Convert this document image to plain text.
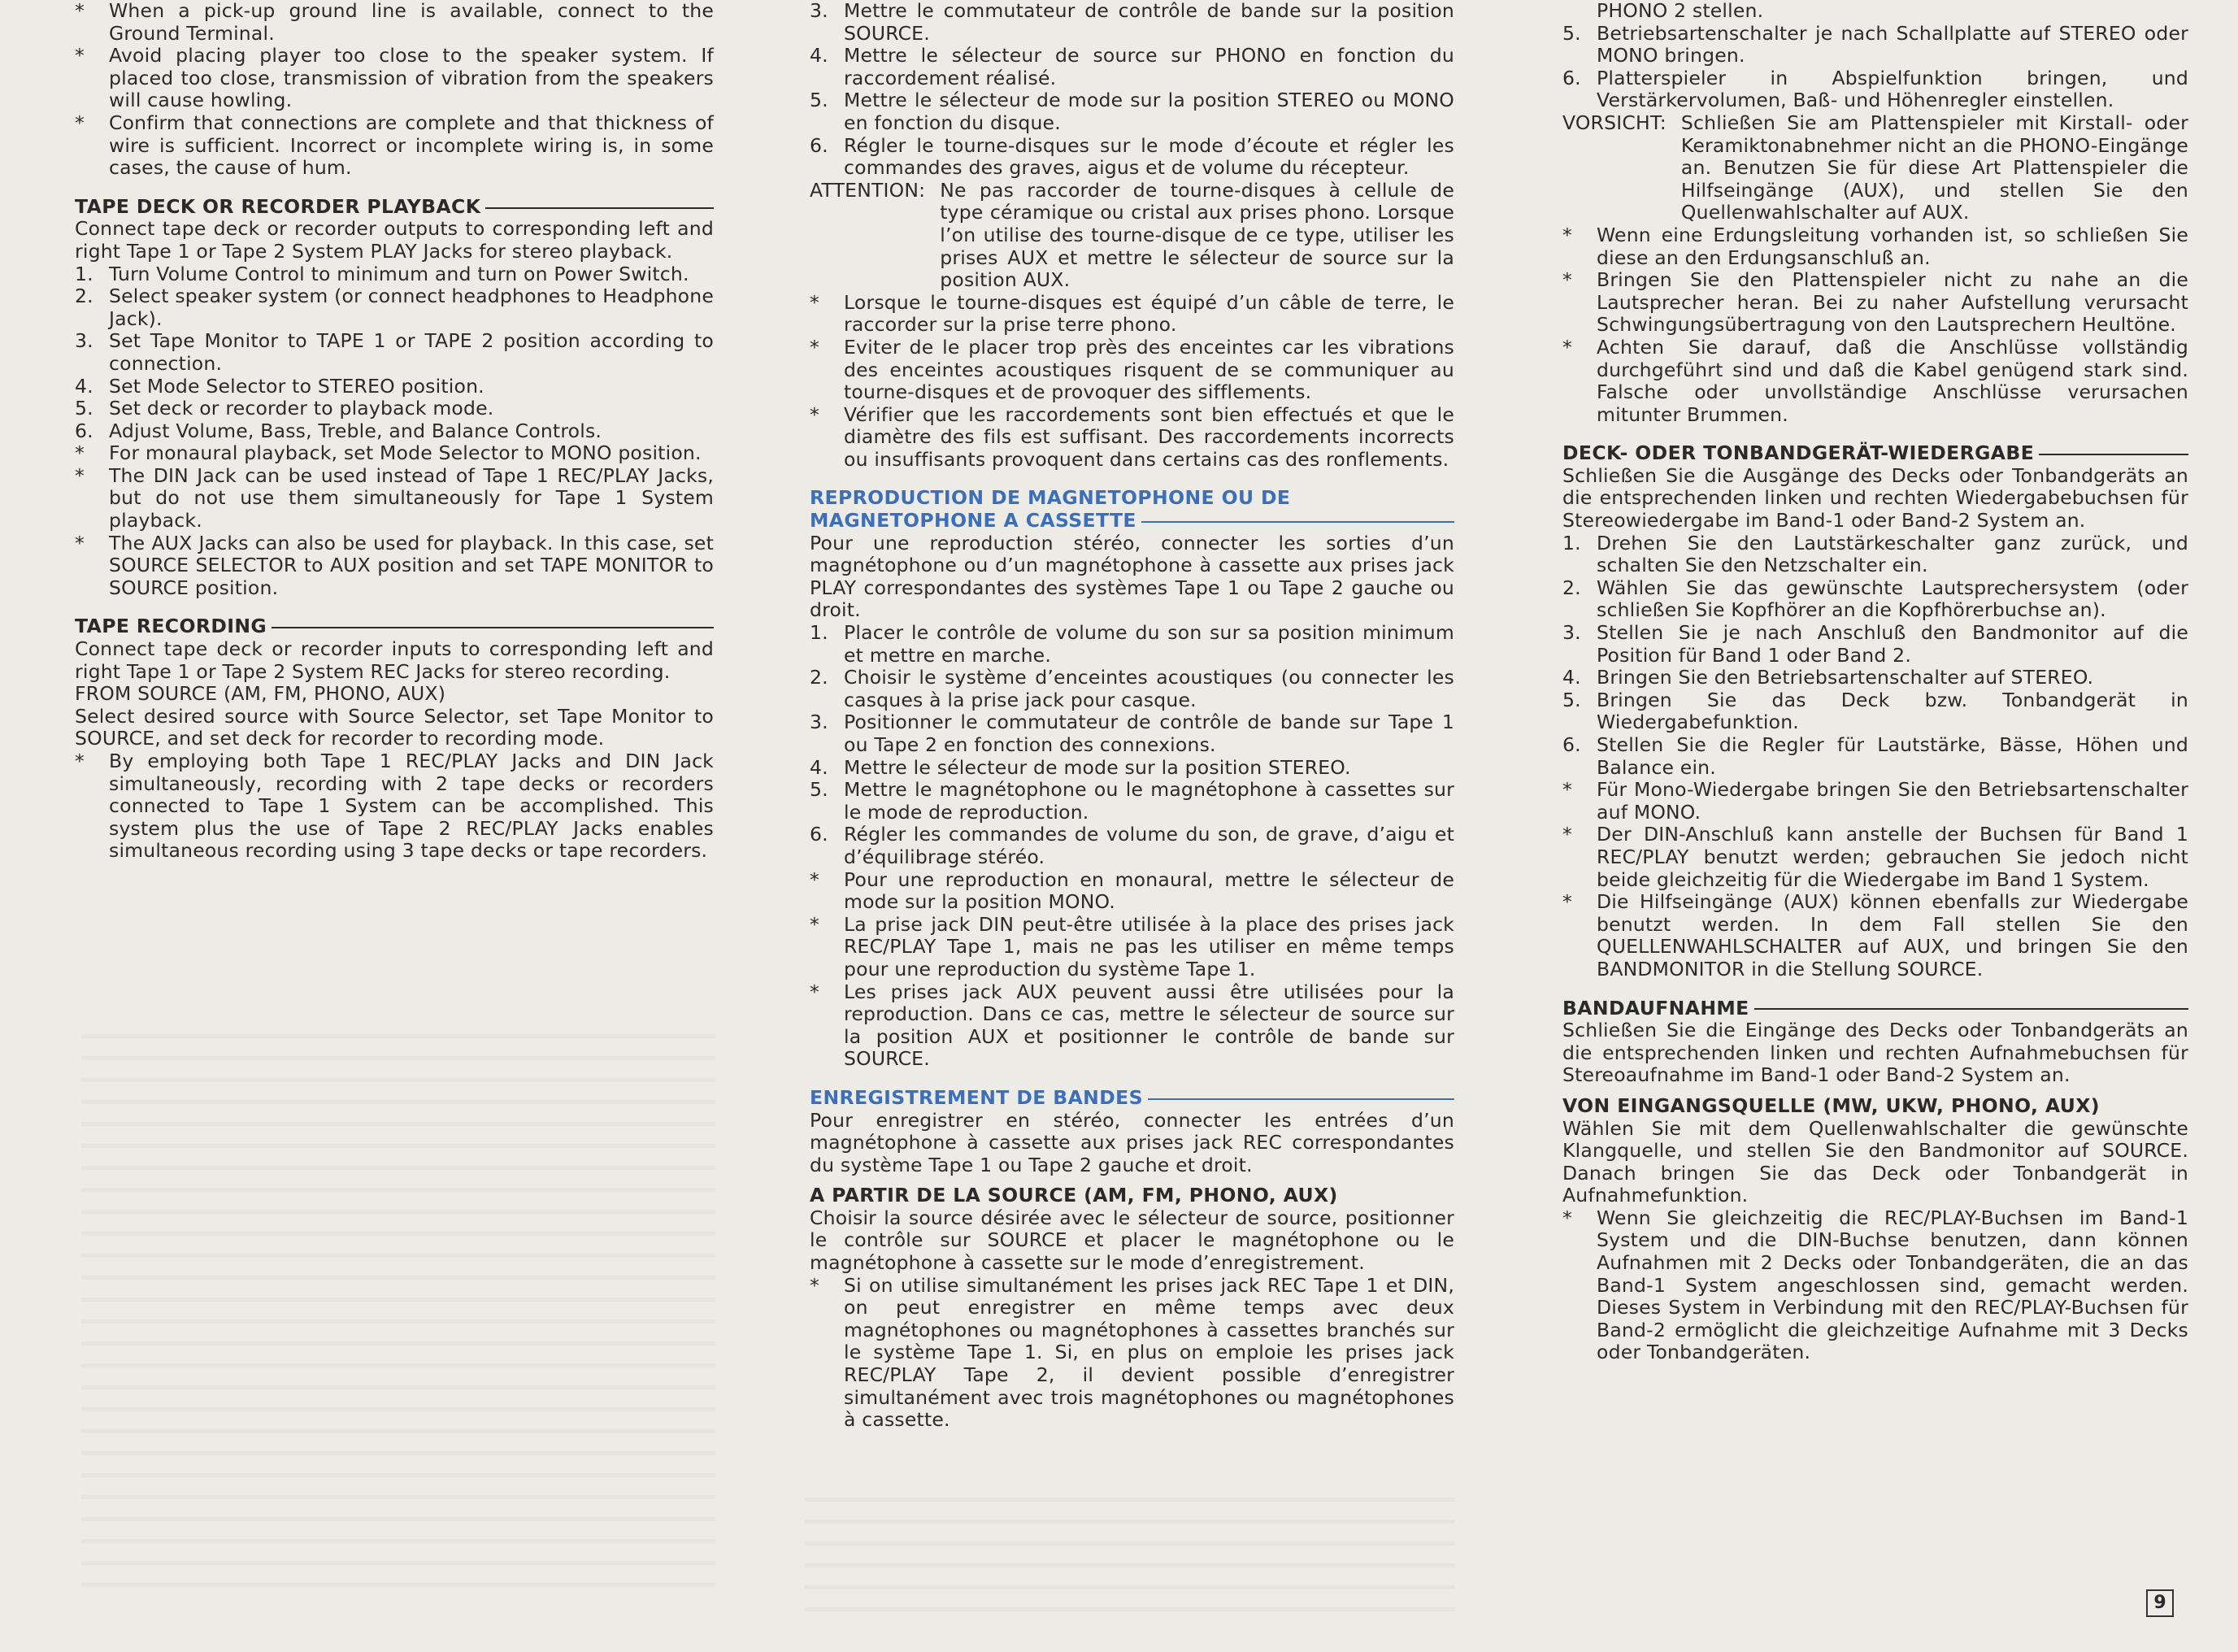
*	When a pick-up ground line is available, connect to the Ground Terminal.
*	Avoid placing player too close to the speaker system. If placed too close, transmission of vibration from the speakers will cause howling.
*	Confirm that connections are complete and that thickness of wire is sufficient. Incorrect or incomplete wiring is, in some cases, the cause of hum.
TAPE DECK OR RECORDER PLAYBACK

Connect tape deck or recorder outputs to corresponding left and right Tape 1 or Tape 2 System PLAY Jacks for stereo playback.

1. Turn Volume Control to minimum and turn on Power Switch.
2. Select speaker system (or connect headphones to Headphone Jack).
3. Set Tape Monitor to TAPE 1 or TAPE 2 position according to connection.
4. Set Mode Selector to STEREO position.
5. Set deck or recorder to playback mode.
6. Adjust Volume, Bass, Treble, and Balance Controls.
*	For monaural playback, set Mode Selector to MONO position.
*	The DIN Jack can be used instead of Tape 1 REC/PLAY Jacks, but do not use them simultaneously for Tape 1 System playback.
*	The AUX Jacks can also be used for playback. In this case, set SOURCE SELECTOR to AUX position and set TAPE MONITOR to SOURCE position.
TAPE RECORDING

Connect tape deck or recorder inputs to corresponding left and right Tape 1 or Tape 2 System REC Jacks for stereo recording.

FROM SOURCE (AM, FM, PHONO, AUX)

Select desired source with Source Selector, set Tape Monitor to SOURCE, and set deck for recorder to recording mode.

*	By employing both Tape 1 REC/PLAY Jacks and DIN Jack simultaneously, recording with 2 tape decks or recorders connected to Tape 1 System can be accomplished. This system plus the use of Tape 2 REC/PLAY Jacks enables simultaneous recording using 3 tape decks or tape recorders.
3. Mettre le commutateur de contrôle de bande sur la position SOURCE.
4. Mettre le sélecteur de source sur PHONO en fonction du raccordement réalisé.
5. Mettre le sélecteur de mode sur la position STEREO ou MONO en fonction du disque.
6. Régler le tourne-disques sur le mode d’écoute et régler les commandes des graves, aigus et de volume du récepteur.
ATTENTION: Ne pas raccorder de tourne-disques à cellule de type céramique ou cristal aux prises phono. Lorsque l’on utilise des tourne-disque de ce type, utiliser les prises AUX et mettre le sélecteur de source sur la position AUX.
*	Lorsque le tourne-disques est équipé d’un câble de terre, le raccorder sur la prise terre phono.
*	Eviter de le placer trop près des enceintes car les vibrations des enceintes acoustiques risquent de se communiquer au tourne-disques et de provoquer des sifflements.
*	Vérifier que les raccordements sont bien effectués et que le diamètre des fils est suffisant. Des raccordements incorrects ou insuffisants provoquent dans certains cas des ronflements.

REPRODUCTION DE MAGNETOPHONE OU DE

MAGNETOPHONE A CASSETTE

Pour une reproduction stéréo, connecter les sorties d’un magnétophone ou d’un magnétophone à cassette aux prises jack PLAY correspondantes des systèmes Tape 1 ou Tape 2 gauche ou droit.

1. Placer le contrôle de volume du son sur sa position minimum et mettre en marche.
2. Choisir le système d’enceintes acoustiques (ou connecter les casques à la prise jack pour casque.
3. Positionner le commutateur de contrôle de bande sur Tape 1 ou Tape 2 en fonction des connexions.
4. Mettre le sélecteur de mode sur la position STEREO.
5. Mettre le magnétophone ou le magnétophone à cassettes sur le mode de reproduction.
6. Régler les commandes de volume du son, de grave, d’aigu et d’équilibrage stéréo.
*	Pour une reproduction en monaural, mettre le sélecteur de mode sur la position MONO.
*	La prise jack DIN peut-être utilisée à la place des prises jack REC/PLAY Tape 1, mais ne pas les utiliser en même temps pour une reproduction du système Tape 1.
*	Les prises jack AUX peuvent aussi être utilisées pour la reproduction. Dans ce cas, mettre le sélecteur de source sur la position AUX et positionner le contrôle de bande sur SOURCE.
ENREGISTREMENT DE BANDES

Pour enregistrer en stéréo, connecter les entrées d’un magnétophone à cassette aux prises jack REC correspondantes du système Tape 1 ou Tape 2 gauche et droit.

A PARTIR DE LA SOURCE (AM, FM, PHONO, AUX)

Choisir la source désirée avec le sélecteur de source, positionner le contrôle sur SOURCE et placer le magnétophone ou le magnétophone à cassette sur le mode d’enregistrement.

*	Si on utilise simultanément les prises jack REC Tape 1 et DIN, on peut enregistrer en même temps avec deux magnétophones ou magnétophones à cassettes branchés sur le système Tape 1. Si, en plus on emploie les prises jack REC/PLAY Tape 2, il devient possible d’enregistrer simultanément avec trois magnétophones ou magnétophones à cassette.

PHONO 2 stellen.

5. Betriebsartenschalter je nach Schallplatte auf STEREO oder MONO bringen.
6. Platterspieler in Abspielfunktion bringen, und Verstärkervolumen, Baß- und Höhenregler einstellen.
VORSICHT: Schließen Sie am Plattenspieler mit Kirstall- oder Keramiktonabnehmer nicht an die PHONO-Eingänge an. Benutzen Sie für diese Art Plattenspieler die Hilfseingänge (AUX), und stellen Sie den Quellenwahlschalter auf AUX.
*	Wenn eine Erdungsleitung vorhanden ist, so schließen Sie diese an den Erdungsanschluß an.
*	Bringen Sie den Plattenspieler nicht zu nahe an die Lautsprecher heran. Bei zu naher Aufstellung verursacht Schwingungsübertragung von den Lautsprechern Heultöne.
*	Achten Sie darauf, daß die Anschlüsse vollständig durchgeführt sind und daß die Kabel genügend stark sind. Falsche oder unvollständige Anschlüsse verursachen mitunter Brummen.
DECK- ODER TONBANDGERÄT-WIEDERGABE

Schließen Sie die Ausgänge des Decks oder Tonbandgeräts an die entsprechenden linken und rechten Wiedergabebuchsen für Stereowiedergabe im Band-1 oder Band-2 System an.

1. Drehen Sie den Lautstärkeschalter ganz zurück, und schalten Sie den Netzschalter ein.
2. Wählen Sie das gewünschte Lautsprechersystem (oder schließen Sie Kopfhörer an die Kopfhörerbuchse an).
3. Stellen Sie je nach Anschluß den Bandmonitor auf die Position für Band 1 oder Band 2.
4. Bringen Sie den Betriebsartenschalter auf STEREO.
5. Bringen Sie das Deck bzw. Tonbandgerät in Wiedergabefunktion.
6. Stellen Sie die Regler für Lautstärke, Bässe, Höhen und Balance ein.
*	Für Mono-Wiedergabe bringen Sie den Betriebsartenschalter auf MONO.
*	Der DIN-Anschluß kann anstelle der Buchsen für Band 1 REC/PLAY benutzt werden; gebrauchen Sie jedoch nicht beide gleichzeitig für die Wiedergabe im Band 1 System.
*	Die Hilfseingänge (AUX) können ebenfalls zur Wiedergabe benutzt werden. In dem Fall stellen Sie den QUELLENWAHLSCHALTER auf AUX, und bringen Sie den BANDMONITOR in die Stellung SOURCE.
BANDAUFNAHME

Schließen Sie die Eingänge des Decks oder Tonbandgeräts an die entsprechenden linken und rechten Aufnahmebuchsen für Stereoaufnahme im Band-1 oder Band-2 System an.

VON EINGANGSQUELLE (MW, UKW, PHONO, AUX)

Wählen Sie mit dem Quellenwahlschalter die gewünschte Klangquelle, und stellen Sie den Bandmonitor auf SOURCE. Danach bringen Sie das Deck oder Tonbandgerät in Aufnahmefunktion.

*	Wenn Sie gleichzeitig die REC/PLAY-Buchsen im Band-1 System und die DIN-Buchse benutzen, dann können Aufnahmen mit 2 Decks oder Tonbandgeräten, die an das Band-1 System angeschlossen sind, gemacht werden. Dieses System in Verbindung mit den REC/PLAY-Buchsen für Band-2 ermöglicht die gleichzeitige Aufnahme mit 3 Decks oder Tonbandgeräten.
9
